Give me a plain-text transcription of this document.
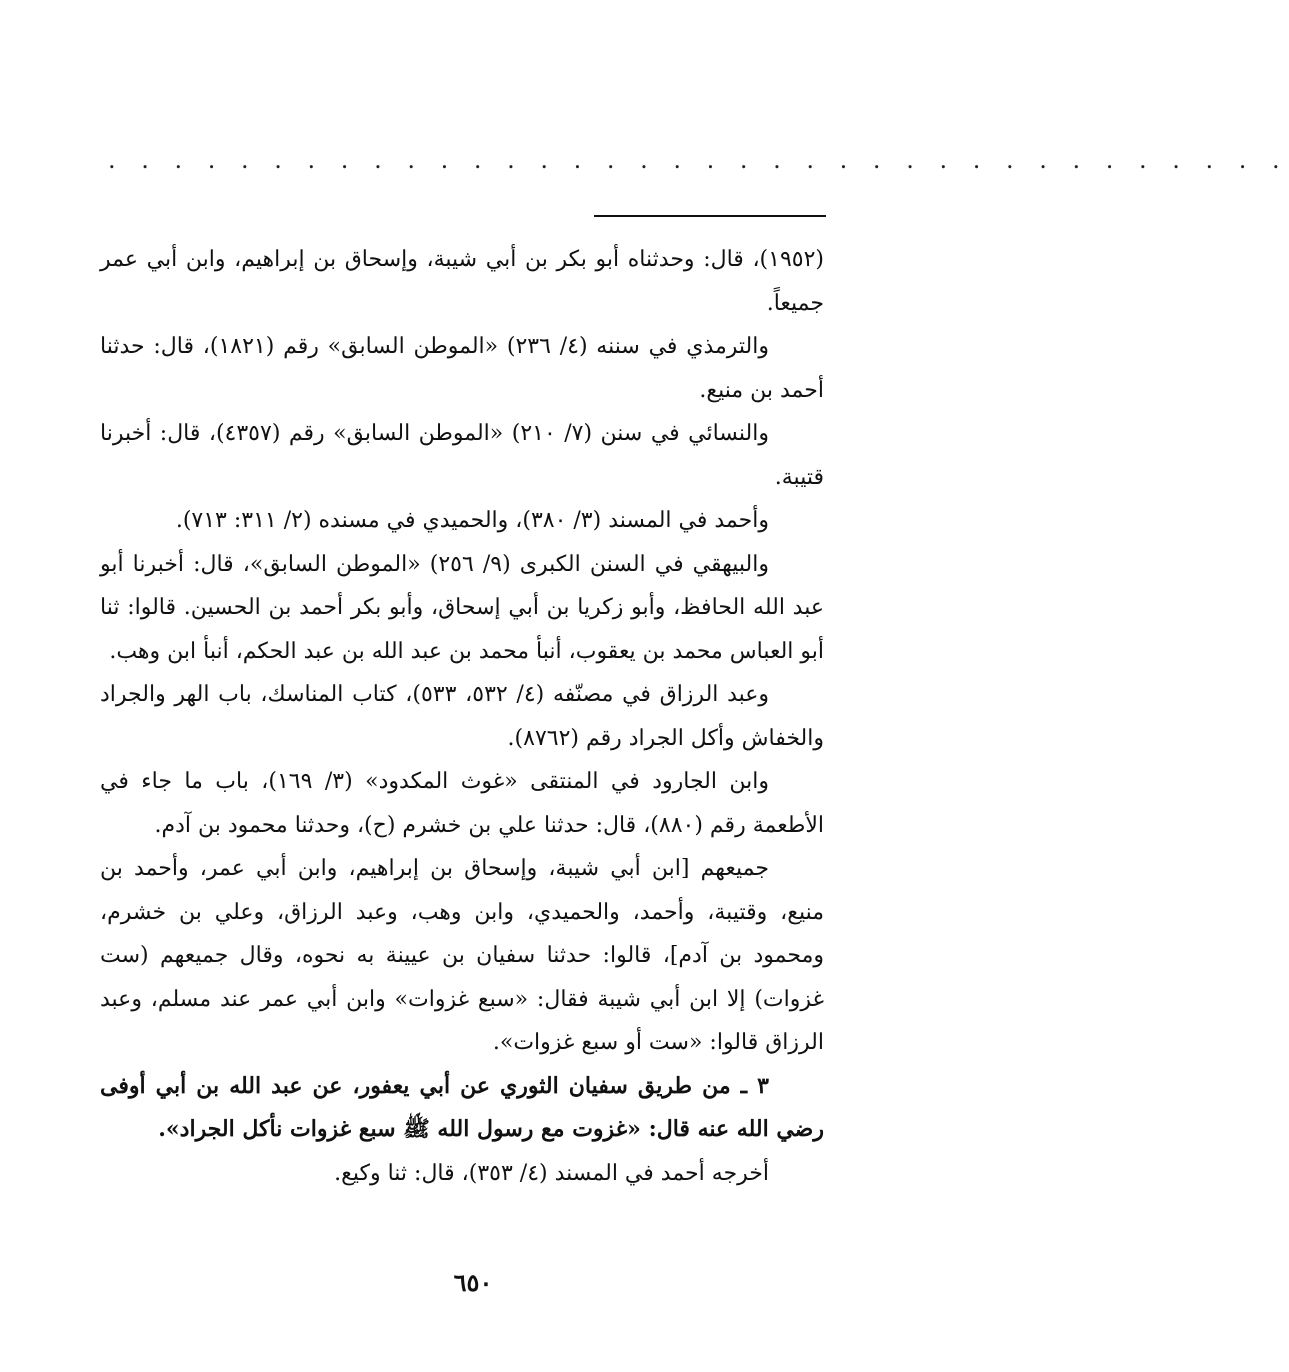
. . . . . . . . . . . . . . . . . . . . . . . . . . . . . . . . . . . .

(١٩٥٢)، قال: وحدثناه أبو بكر بن أبي شيبة، وإسحاق بن إبراهيم، وابن أبي عمر جميعاً.

والترمذي في سننه (٤/ ٢٣٦) «الموطن السابق» رقم (١٨٢١)، قال: حدثنا أحمد بن منيع.

والنسائي في سنن (٧/ ٢١٠) «الموطن السابق» رقم (٤٣٥٧)، قال: أخبرنا قتيبة.

وأحمد في المسند (٣/ ٣٨٠)، والحميدي في مسنده (٢/ ٣١١: ٧١٣).

والبيهقي في السنن الكبرى (٩/ ٢٥٦) «الموطن السابق»، قال: أخبرنا أبو عبد الله الحافظ، وأبو زكريا بن أبي إسحاق، وأبو بكر أحمد بن الحسين. قالوا: ثنا أبو العباس محمد بن يعقوب، أنبأ محمد بن عبد الله بن عبد الحكم، أنبأ ابن وهب.

وعبد الرزاق في مصنّفه (٤/ ٥٣٢، ٥٣٣)، كتاب المناسك، باب الهر والجراد والخفاش وأكل الجراد رقم (٨٧٦٢).

وابن الجارود في المنتقى «غوث المكدود» (٣/ ١٦٩)، باب ما جاء في الأطعمة رقم (٨٨٠)، قال: حدثنا علي بن خشرم (ح)، وحدثنا محمود بن آدم.

جميعهم [ابن أبي شيبة، وإسحاق بن إبراهيم، وابن أبي عمر، وأحمد بن منيع، وقتيبة، وأحمد، والحميدي، وابن وهب، وعبد الرزاق، وعلي بن خشرم، ومحمود بن آدم]، قالوا: حدثنا سفيان بن عيينة به نحوه، وقال جميعهم (ست غزوات) إلا ابن أبي شيبة فقال: «سبع غزوات» وابن أبي عمر عند مسلم، وعبد الرزاق قالوا: «ست أو سبع غزوات».

٣ ـ من طريق سفيان الثوري عن أبي يعفور، عن عبد الله بن أبي أوفى رضي الله عنه قال: «غزوت مع رسول الله ﷺ سبع غزوات نأكل الجراد».

أخرجه أحمد في المسند (٤/ ٣٥٣)، قال: ثنا وكيع.

٦٥٠
